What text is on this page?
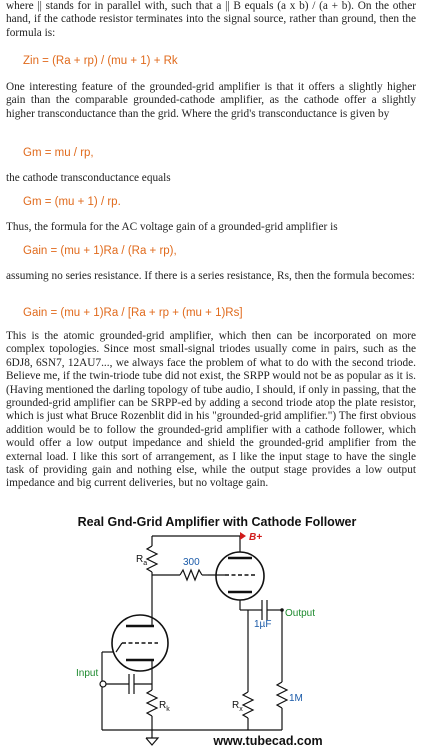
where || stands for in parallel with, such that a || B equals (a x b) / (a + b). On the other hand, if the cathode resistor terminates into the signal source, rather than ground, then the formula is:

Zin = (Ra + rp) / (mu + 1) + Rk

One interesting feature of the grounded-grid amplifier is that it offers a slightly higher gain than the comparable grounded-cathode amplifier, as the cathode offer a slightly higher transconductance than the grid. Where the grid's transconductance is given by

Gm = mu / rp,

the cathode transconductance equals

Gm = (mu + 1) / rp.

Thus, the formula for the AC voltage gain of a grounded-grid amplifier is

Gain = (mu + 1)Ra / (Ra + rp),

assuming no series resistance. If there is a series resistance, Rs, then the formula becomes:

Gain = (mu + 1)Ra / [Ra + rp + (mu + 1)Rs]

This is the atomic grounded-grid amplifier, which then can be incorporated on more complex topologies. Since most small-signal triodes usually come in pairs, such as the 6DJ8, 6SN7, 12AU7..., we always face the problem of what to do with the second triode. Believe me, if the twin-triode tube did not exist, the SRPP would not be as popular as it is. (Having mentioned the darling topology of tube audio, I should, if only in passing, that the grounded-grid amplifier can be SRPP-ed by adding a second triode atop the plate resistor, which is just what Bruce Rozenblit did in his "grounded-grid amplifier.") The first obvious addition would be to follow the grounded-grid amplifier with a cathode follower, which would offer a low output impedance and shield the grounded-grid amplifier from the external load. I like this sort of arrangement, as I like the input stage to have the single task of providing gain and nothing else, while the output stage provides a low output impedance and big current deliveries, but no voltage gain.

Real Gnd-Grid Amplifier with Cathode Follower
B+
$R_a$	300
1µF
Output
Input
$R_k$	$R_x$
1M
www.tubecad.com
